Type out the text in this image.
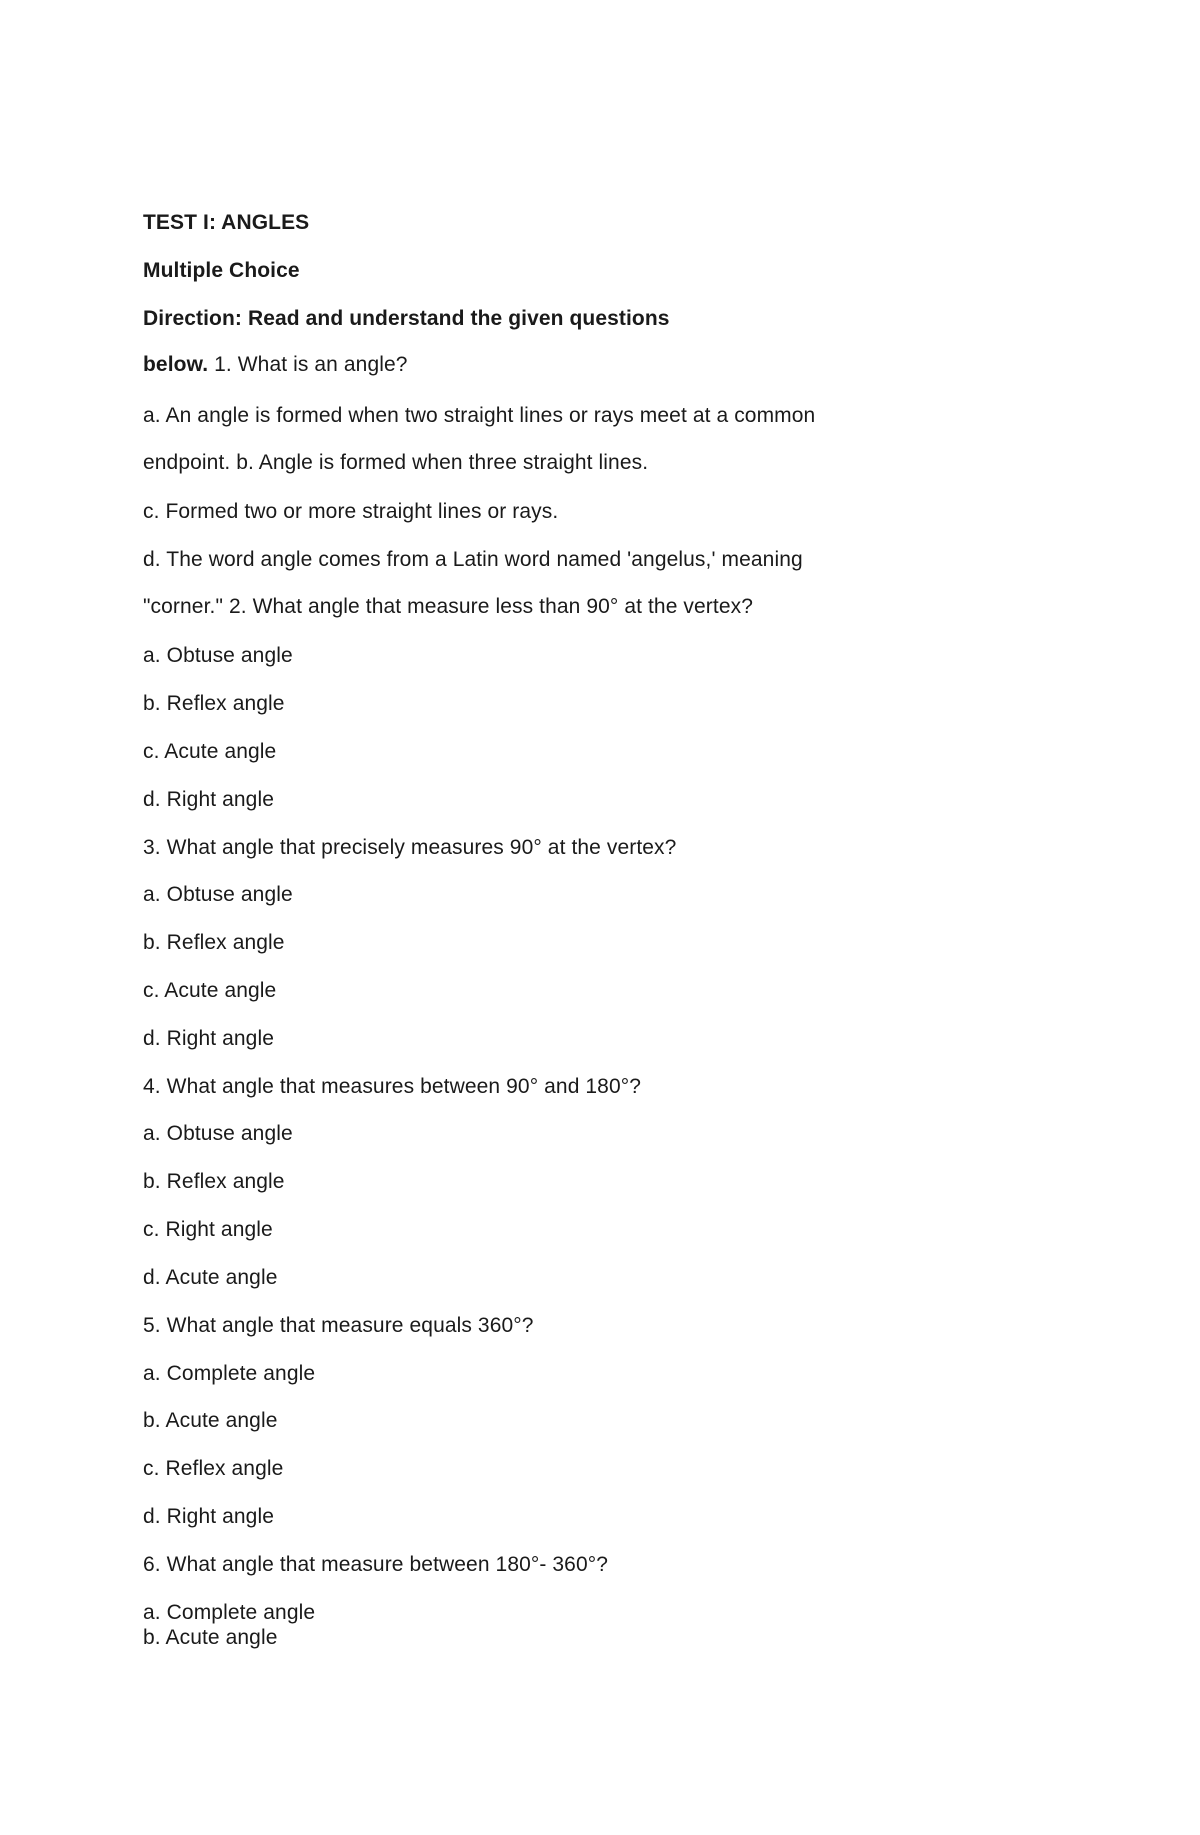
TEST I: ANGLES
Multiple Choice
Direction: Read and understand the given questions
below. 1. What is an angle?
a. An angle is formed when two straight lines or rays meet at a common
endpoint. b. Angle is formed when three straight lines.
c. Formed two or more straight lines or rays.
d. The word angle comes from a Latin word named 'angelus,' meaning
"corner." 2. What angle that measure less than 90° at the vertex?
a. Obtuse angle
b. Reflex angle
c. Acute angle
d. Right angle
3. What angle that precisely measures 90° at the vertex?
a. Obtuse angle
b. Reflex angle
c. Acute angle
d. Right angle
4. What angle that measures between 90° and 180°?
a. Obtuse angle
b. Reflex angle
c. Right angle
d. Acute angle
5. What angle that measure equals 360°?
a. Complete angle
b. Acute angle
c. Reflex angle
d. Right angle
6. What angle that measure between 180°- 360°?
a. Complete angle
b. Acute angle
